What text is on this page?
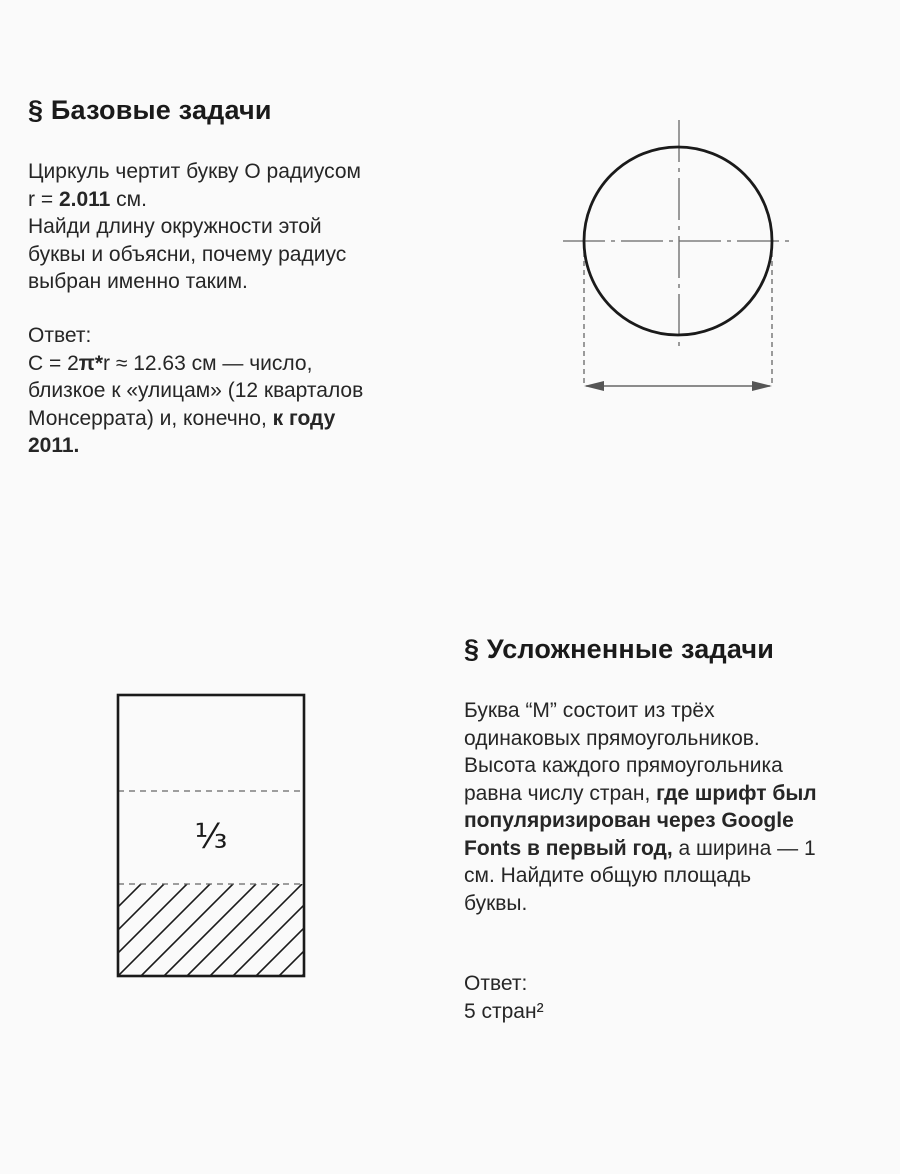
§ Базовые задачи
Циркуль чертит букву О радиусом
r = 2.011 см.
Найди длину окружности этой
буквы и объясни, почему радиус
выбран именно таким.
Ответ:
C = 2π*r ≈ 12.63 см — число,
близкое к «улицам» (12 кварталов
Монсеррата) и, конечно, к году
2011.
§ Усложненные задачи
Буква “М” состоит из трёх
одинаковых прямоугольников.
Высота каждого прямоугольника
равна числу стран, где шрифт был
популяризирован через Google
Fonts в первый год, а ширина — 1
см. Найдите общую площадь
буквы.
Ответ:
5 стран²
⅓
